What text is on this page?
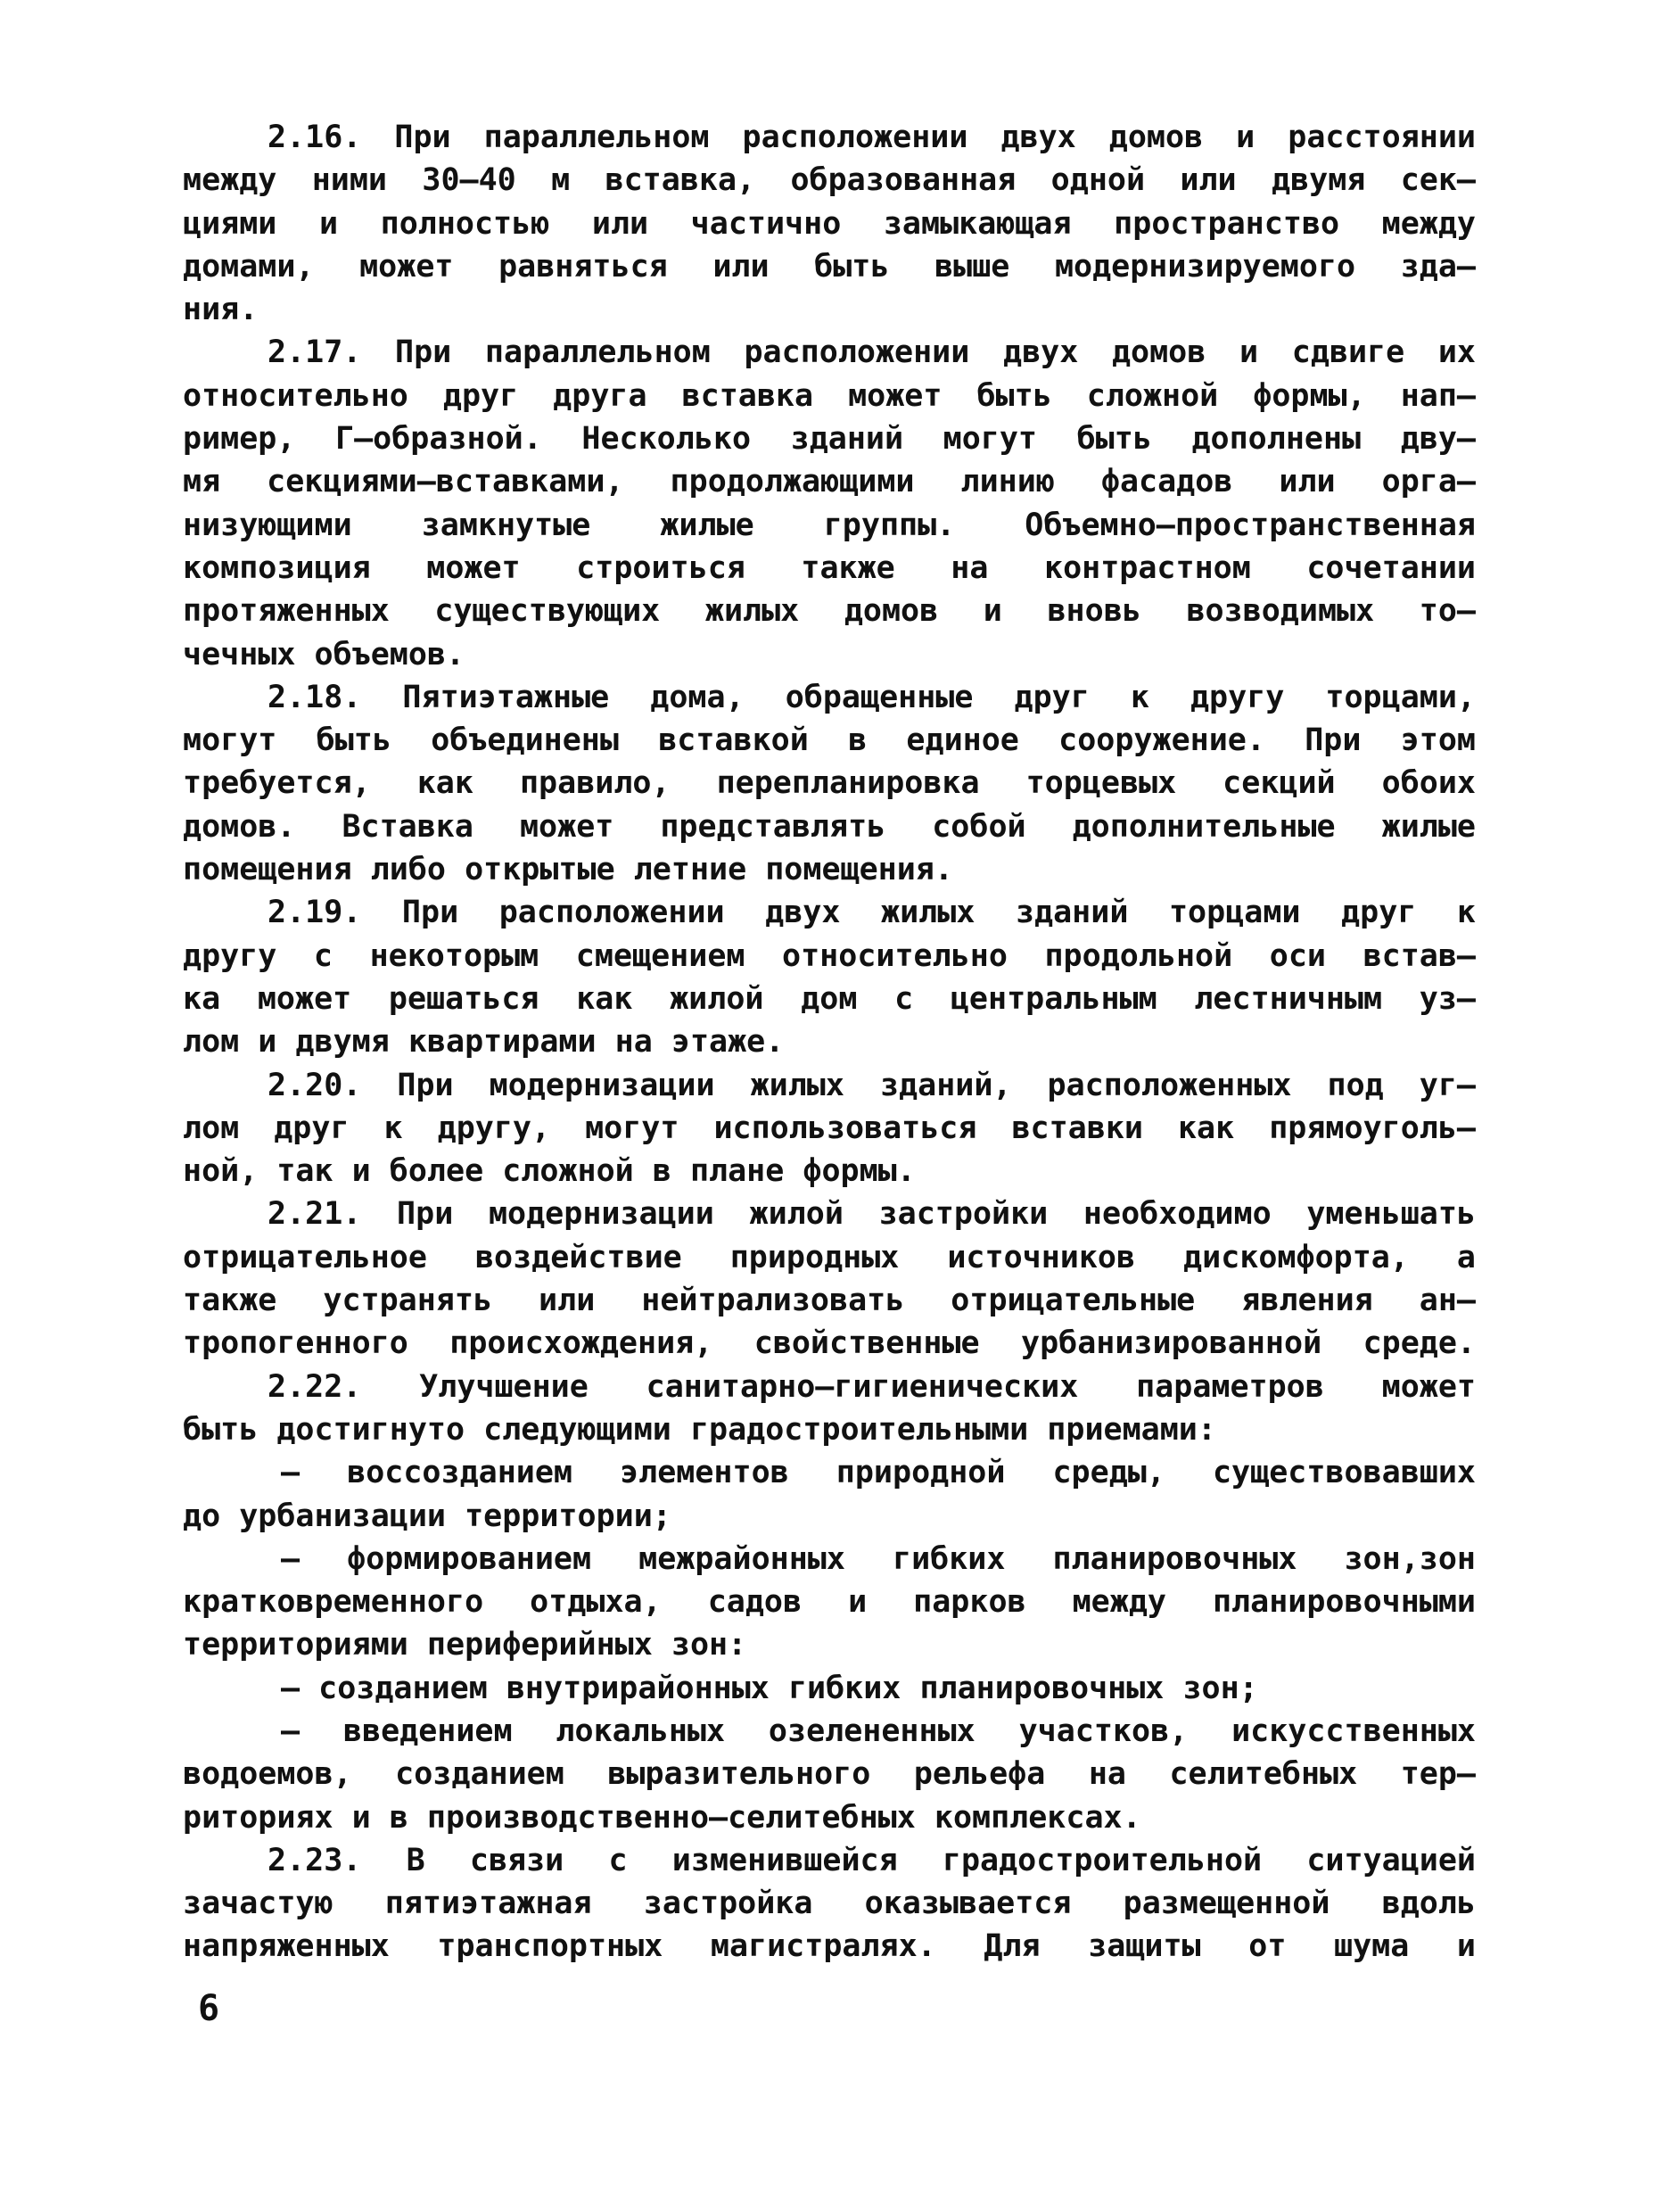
2.16. При параллельном расположении двух домов и расстоянии
между ними 30–40 м вставка, образованная одной или двумя сек–
циями и полностью или частично замыкающая пространство между
домами, может равняться или быть выше модернизируемого зда–
ния.
2.17. При параллельном расположении двух домов и сдвиге их
относительно друг друга вставка может быть сложной формы, нап–
ример, Г–образной. Несколько зданий могут быть дополнены дву–
мя секциями–вставками, продолжающими линию фасадов или орга–
низующими замкнутые жилые группы. Объемно–пространственная
композиция может строиться также на контрастном сочетании
протяженных существующих жилых домов и вновь возводимых то–
чечных объемов.
2.18. Пятиэтажные дома, обращенные друг к другу торцами,
могут быть объединены вставкой в единое сооружение. При этом
требуется, как правило, перепланировка торцевых секций обоих
домов. Вставка может представлять собой дополнительные жилые
помещения либо открытые летние помещения.
2.19. При расположении двух жилых зданий торцами друг к
другу с некоторым смещением относительно продольной оси встав–
ка может решаться как жилой дом с центральным лестничным уз–
лом и двумя квартирами на этаже.
2.20. При модернизации жилых зданий, расположенных под уг–
лом друг к другу, могут использоваться вставки как прямоуголь–
ной, так и более сложной в плане формы.
2.21. При модернизации жилой застройки необходимо уменьшать
отрицательное воздействие природных источников дискомфорта, а
также устранять или нейтрализовать отрицательные явления ан–
тропогенного происхождения, свойственные урбанизированной среде.
2.22. Улучшение санитарно–гигиенических параметров может
быть достигнуто следующими градостроительными приемами:
– воссозданием элементов природной среды, существовавших
до урбанизации территории;
– формированием межрайонных гибких планировочных зон,зон
кратковременного отдыха, садов и парков между планировочными
территориями периферийных зон:
– созданием внутрирайонных гибких планировочных зон;
– введением локальных озелененных участков, искусственных
водоемов, созданием выразительного рельефа на селитебных тер–
риториях и в производственно–селитебных комплексах.
2.23. В связи с изменившейся градостроительной ситуацией
зачастую пятиэтажная застройка оказывается размещенной вдоль
напряженных транспортных магистралях. Для защиты от шума и
6
